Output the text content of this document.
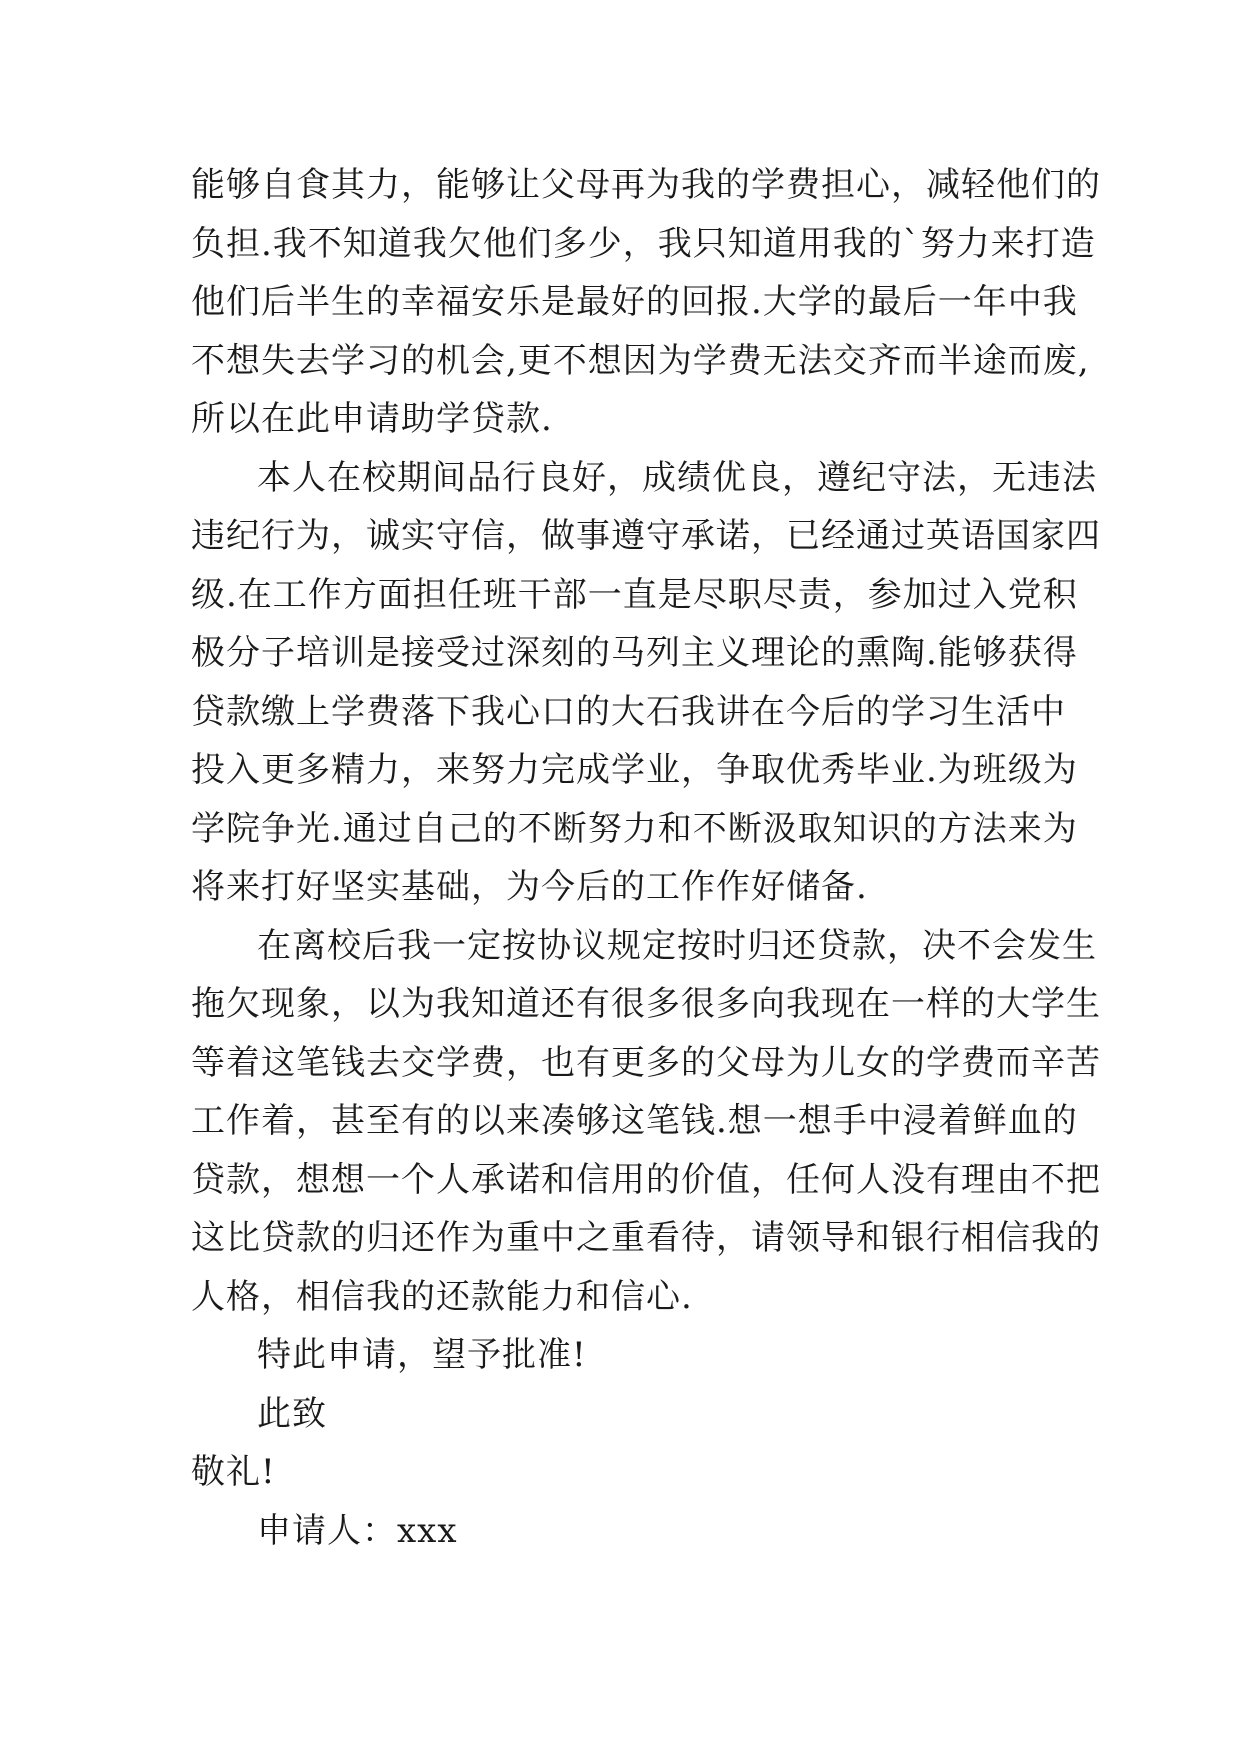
能够自食其力，能够让父母再为我的学费担心，减轻他们的
负担.我不知道我欠他们多少，我只知道用我的`努力来打造
他们后半生的幸福安乐是最好的回报.大学的最后一年中我
不想失去学习的机会,更不想因为学费无法交齐而半途而废,
所以在此申请助学贷款.
本人在校期间品行良好，成绩优良，遵纪守法，无违法
违纪行为，诚实守信，做事遵守承诺，已经通过英语国家四
级.在工作方面担任班干部一直是尽职尽责，参加过入党积
极分子培训是接受过深刻的马列主义理论的熏陶.能够获得
贷款缴上学费落下我心口的大石我讲在今后的学习生活中
投入更多精力，来努力完成学业，争取优秀毕业.为班级为
学院争光.通过自己的不断努力和不断汲取知识的方法来为
将来打好坚实基础，为今后的工作作好储备.
在离校后我一定按协议规定按时归还贷款，决不会发生
拖欠现象，以为我知道还有很多很多向我现在一样的大学生
等着这笔钱去交学费，也有更多的父母为儿女的学费而辛苦
工作着，甚至有的以来凑够这笔钱.想一想手中浸着鲜血的
贷款，想想一个人承诺和信用的价值，任何人没有理由不把
这比贷款的归还作为重中之重看待，请领导和银行相信我的
人格，相信我的还款能力和信心.
特此申请，望予批准!
此致
敬礼!
申请人：xxx
